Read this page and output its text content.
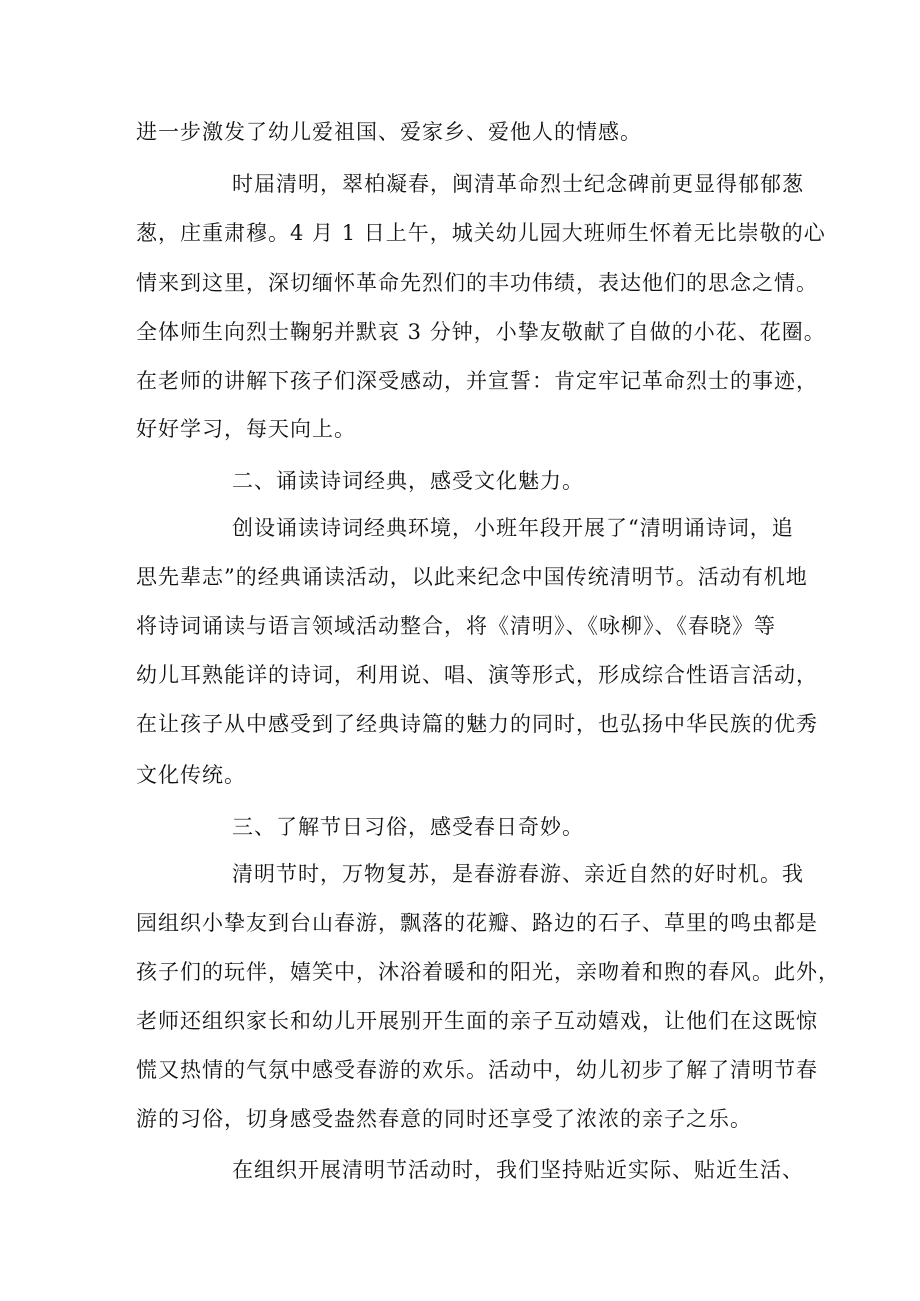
进一步激发了幼儿爱祖国、爱家乡、爱他人的情感。
时届清明，翠柏凝春，闽清革命烈士纪念碑前更显得郁郁葱
葱，庄重肃穆。4 月 1 日上午，城关幼儿园大班师生怀着无比崇敬的心
情来到这里，深切缅怀革命先烈们的丰功伟绩，表达他们的思念之情。
全体师生向烈士鞠躬并默哀 3 分钟，小挚友敬献了自做的小花、花圈。
在老师的讲解下孩子们深受感动，并宣誓：肯定牢记革命烈士的事迹，
好好学习，每天向上。
二、诵读诗词经典，感受文化魅力。
创设诵读诗词经典环境，小班年段开展了“清明诵诗词，追
思先辈志”的经典诵读活动，以此来纪念中国传统清明节。活动有机地
将诗词诵读与语言领域活动整合，将《清明》、《咏柳》、《春晓》等
幼儿耳熟能详的诗词，利用说、唱、演等形式，形成综合性语言活动，
在让孩子从中感受到了经典诗篇的魅力的同时，也弘扬中华民族的优秀
文化传统。
三、了解节日习俗，感受春日奇妙。
清明节时，万物复苏，是春游春游、亲近自然的好时机。我
园组织小挚友到台山春游，飘落的花瓣、路边的石子、草里的鸣虫都是
孩子们的玩伴，嬉笑中，沐浴着暖和的阳光，亲吻着和煦的春风。此外，
老师还组织家长和幼儿开展别开生面的亲子互动嬉戏，让他们在这既惊
慌又热情的气氛中感受春游的欢乐。活动中，幼儿初步了解了清明节春
游的习俗，切身感受盎然春意的同时还享受了浓浓的亲子之乐。
在组织开展清明节活动时，我们坚持贴近实际、贴近生活、
